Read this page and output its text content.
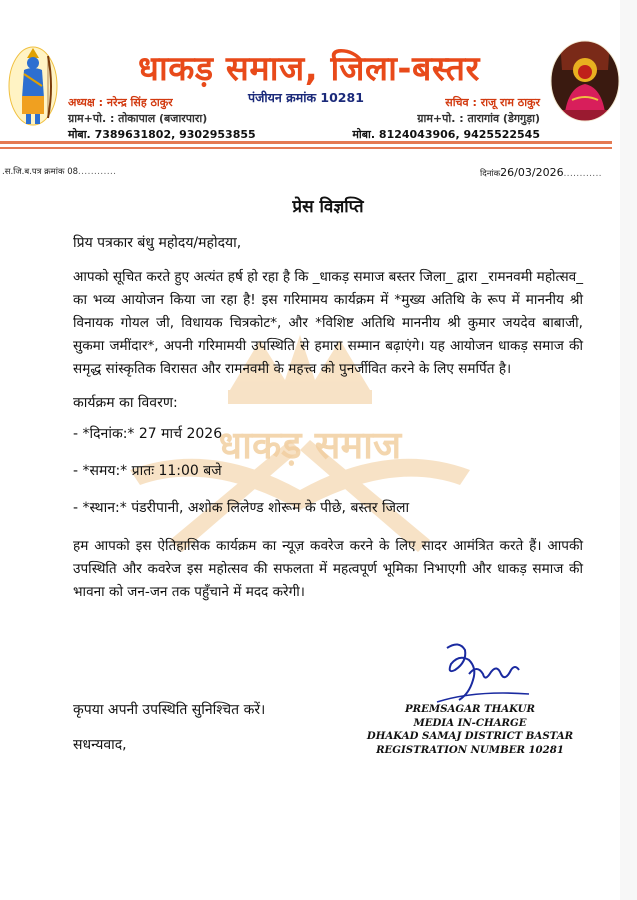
धाकड़ समाज, जिला-बस्तर
पंजीयन क्रमांक 10281
अध्यक्ष : नरेन्द्र सिंह ठाकुर
ग्राम+पो. : तोकापाल (बजारपारा)
मोबा. 7389631802, 9302953855
सचिव : राजू राम ठाकुर
ग्राम+पो. : तारागांव (डेगगुड़ा)
मोबा. 8124043906, 9425522545
.स.जि.ब.पत्र क्रमांक 08............	दिनांक26/03/2026............
धाकड़ समाज
प्रेस विज्ञप्ति

प्रिय पत्रकार बंधु महोदय/महोदया,

आपको सूचित करते हुए अत्यंत हर्ष हो रहा है कि _धाकड़ समाज बस्तर जिला_ द्वारा _रामनवमी महोत्सव_ का भव्य आयोजन किया जा रहा है! इस गरिमामय कार्यक्रम में *मुख्य अतिथि के रूप में माननीय श्री विनायक गोयल जी, विधायक चित्रकोट*, और *विशिष्ट अतिथि माननीय श्री कुमार जयदेव बाबाजी, सुकमा जमींदार*, अपनी गरिमामयी उपस्थिति से हमारा सम्मान बढ़ाएंगे। यह आयोजन धाकड़ समाज की समृद्ध सांस्कृतिक विरासत और रामनवमी के महत्त्व को पुनर्जीवित करने के लिए समर्पित है।

कार्यक्रम का विवरण:

- *दिनांक:* 27 मार्च 2026
- *समय:* प्रातः 11:00 बजे
- *स्थान:* पंडरीपानी, अशोक लिलेण्ड शोरूम के पीछे, बस्तर जिला

हम आपको इस ऐतिहासिक कार्यक्रम का न्यूज़ कवरेज करने के लिए सादर आमंत्रित करते हैं। आपकी उपस्थिति और कवरेज इस महोत्सव की सफलता में महत्वपूर्ण भूमिका निभाएगी और धाकड़ समाज की भावना को जन-जन तक पहुँचाने में मदद करेगी।

PREMSAGAR THAKUR
MEDIA IN-CHARGE
DHAKAD SAMAJ DISTRICT BASTAR
REGISTRATION NUMBER 10281
कृपया अपनी उपस्थिति सुनिश्चित करें।
सधन्यवाद,
